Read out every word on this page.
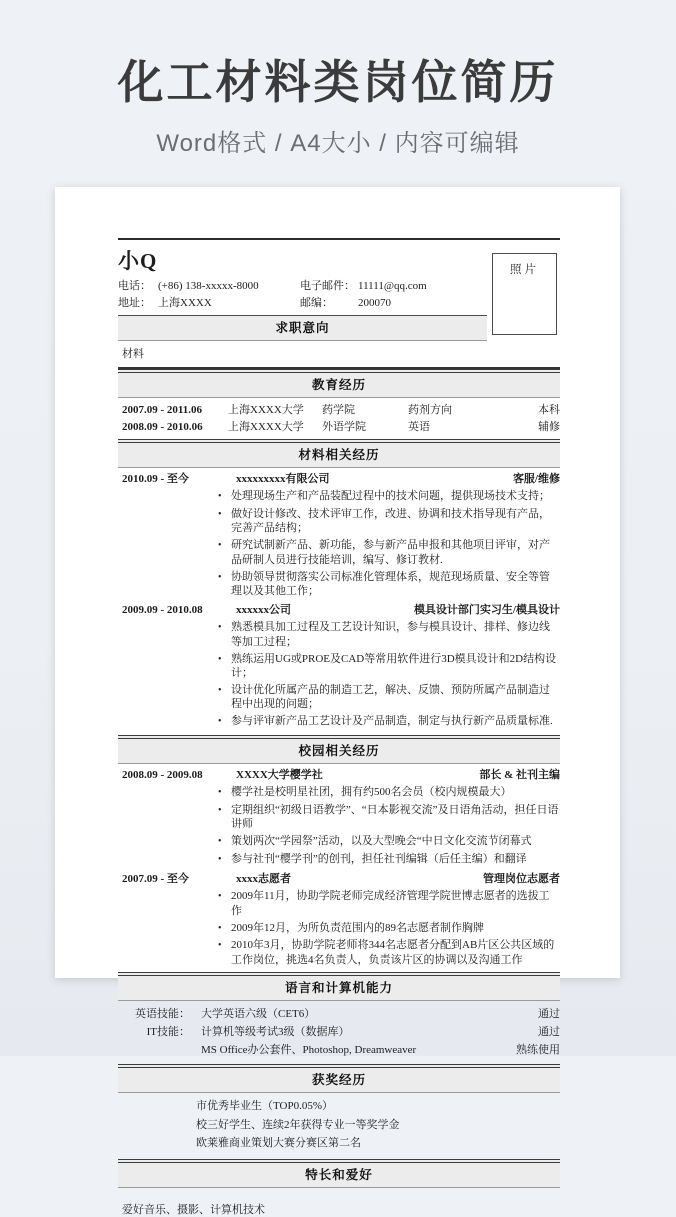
化工材料类岗位简历
Word格式 / A4大小 / 内容可编辑
照片
小Q
电话： (+86) 138-xxxxx-8000	电子邮件： 11111@qq.com
地址： 上海XXXX	邮编：	200070
求职意向
材料
教育经历
2007.09 - 2011.06	上海XXXX大学	药学院	药剂方向	本科
2008.09 - 2010.06	上海XXXX大学	外语学院	英语	辅修
材料相关经历
2010.09 - 至今	xxxxxxxxx有限公司	客服/维修
•
处理现场生产和产品装配过程中的技术问题，提供现场技术支持；
•
做好设计修改、技术评审工作，改进、协调和技术指导现有产品，完善产品结构；
•
研究试制新产品、新功能，参与新产品申报和其他项目评审，对产品研制人员进行技能培训，编写、修订教材.
•
协助领导贯彻落实公司标准化管理体系，规范现场质量、安全等管理以及其他工作；
2009.09 - 2010.08	xxxxxx公司	模具设计部门实习生/模具设计
•
熟悉模具加工过程及工艺设计知识，参与模具设计、排样、修边线等加工过程；
•
熟练运用UG或PROE及CAD等常用软件进行3D模具设计和2D结构设计；
•
设计优化所属产品的制造工艺，解决、反馈、预防所属产品制造过程中出现的问题；
•
参与评审新产品工艺设计及产品制造，制定与执行新产品质量标准.
校园相关经历
2008.09 - 2009.08	XXXX大学樱学社	部长 & 社刊主编
•
樱学社是校明星社团，拥有约500名会员（校内规模最大）
•
定期组织“初级日语教学”、“日本影视交流”及日语角活动，担任日语讲师
•
策划两次“学园祭”活动，以及大型晚会“中日文化交流节闭幕式
•
参与社刊“樱学刊”的创刊，担任社刊编辑（后任主编）和翻译
2007.09 - 至今	xxxx志愿者	管理岗位志愿者
•
2009年11月，协助学院老师完成经济管理学院世博志愿者的选拔工作
•
2009年12月，为所负责范围内的89名志愿者制作胸牌
•
2010年3月，协助学院老师将344名志愿者分配到AB片区公共区域的工作岗位，挑选4名负责人，负责该片区的协调以及沟通工作
语言和计算机能力
英语技能：	大学英语六级（CET6）	通过
IT技能：	计算机等级考试3级（数据库）	通过
MS Office办公套件、Photoshop, Dreamweaver	熟练使用
获奖经历
市优秀毕业生（TOP0.05%）
校三好学生、连续2年获得专业一等奖学金
欧莱雅商业策划大赛分赛区第二名
特长和爱好
爱好音乐、摄影、计算机技术
